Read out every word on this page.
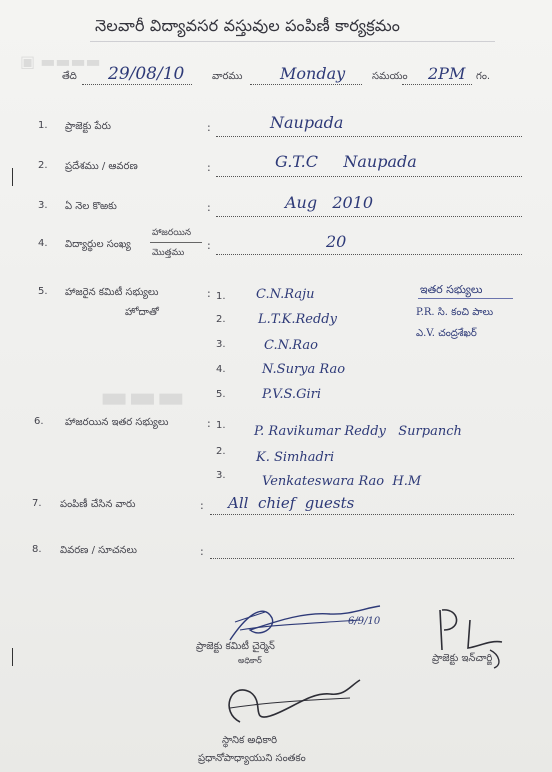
▣ ▬▬▬▬
▬▬▬
నెలవారీ విద్యావసర వస్తువుల పంపిణీ కార్యక్రమం
తేది 29/08/10	వారము Monday	సమయం 2PM గం.
1. ప్రాజెక్టు పేరు	:	Naupada
2. ప్రదేశము / ఆవరణ	:	G.T.C     Naupada
3. ఏ నెల కొఱకు	:	Aug   2010
4. విద్యార్థుల సంఖ్య
హాజరయిన
మొత్తము
:	20
5. హాజరైన కమిటీ సభ్యులు
హోదాతో
: 1. C.N.Raju
2. L.T.K.Reddy
3.	C.N.Rao
4.	N.Surya Rao
5.	P.V.S.Giri
ఇతర సభ్యులు
P.R. సి. కంచి పాలు
ఎ.V. చంద్రశేఖర్
6. హాజరయిన ఇతర సభ్యులు	: 1. P. Ravikumar Reddy   Surpanch
2. K. Simhadri
3.	Venkateswara Rao  H.M
7. పంపిణీ చేసిన వారు	: All  chief  guests
8. వివరణ / సూచనలు	:
6/9/10
ప్రాజెక్టు కమిటీ చైర్మెన్
అధికార్	ప్రాజెక్టు ఇన్‌చార్జి
స్థానిక అధికారి
ప్రధానోపాధ్యాయుని సంతకం
